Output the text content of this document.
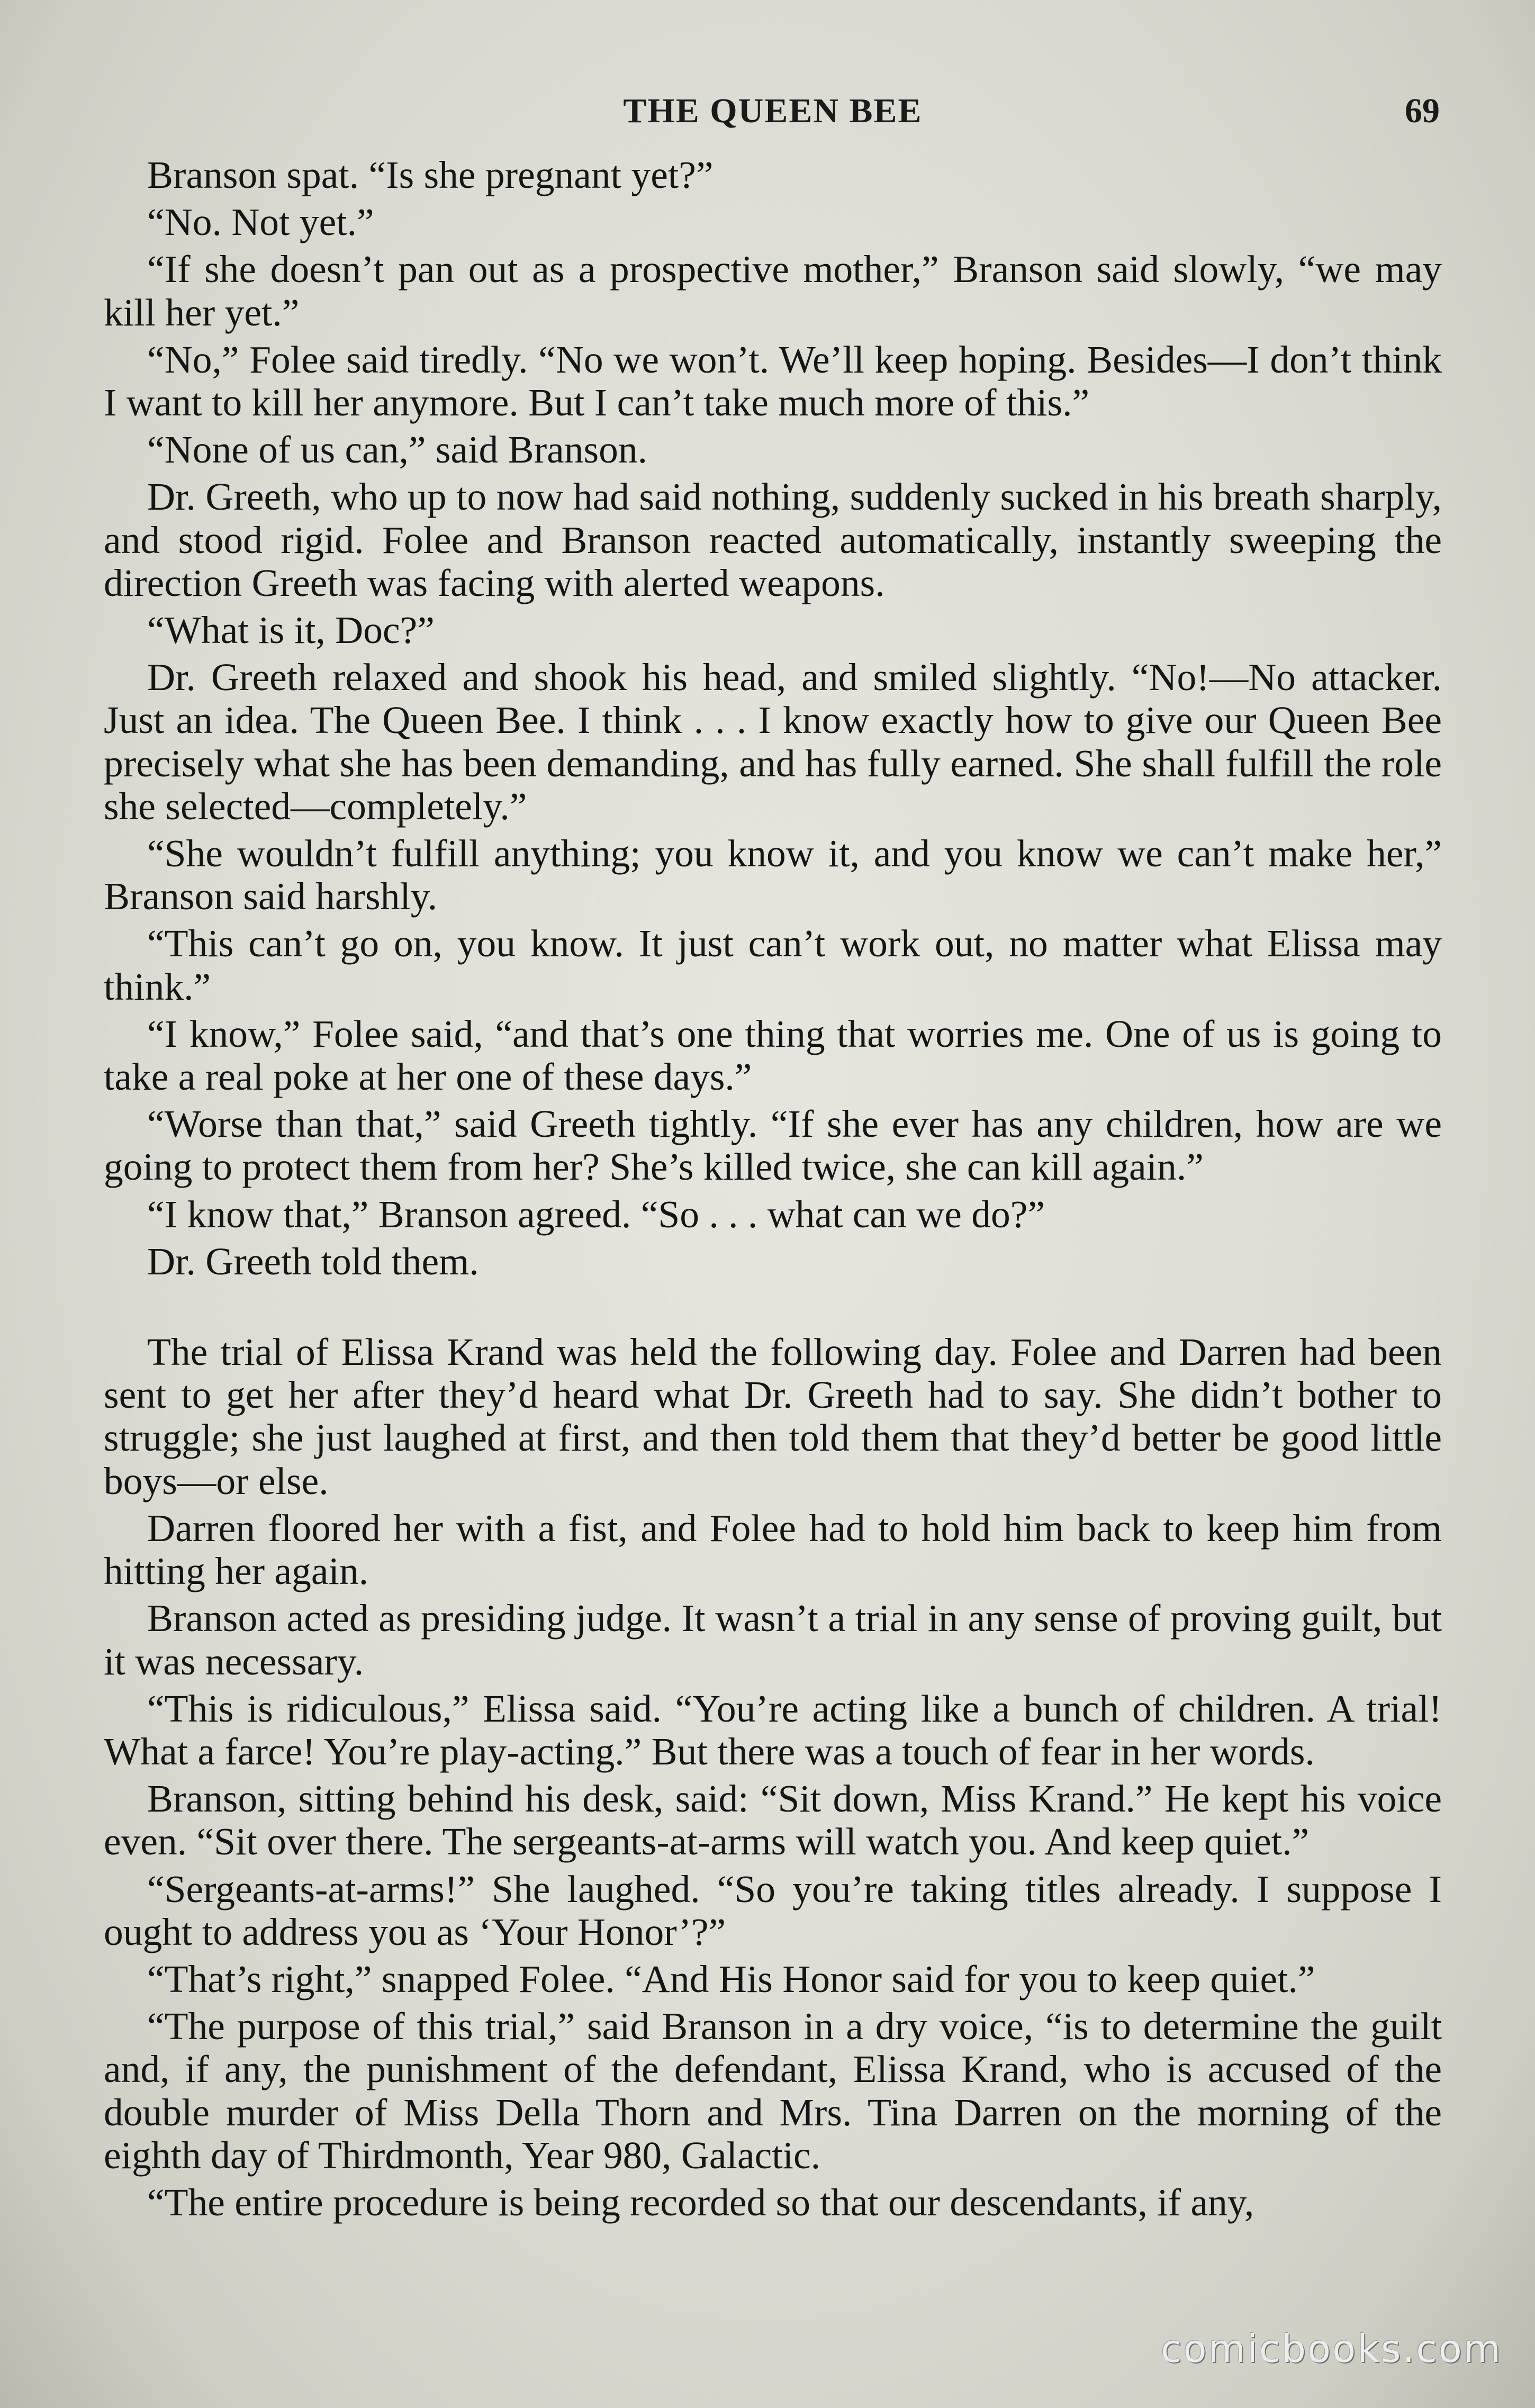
THE QUEEN BEE	69

Branson spat. “Is she pregnant yet?”

“No. Not yet.”

“If she doesn’t pan out as a prospective mother,” Branson said slowly, “we may kill her yet.”

“No,” Folee said tiredly. “No we won’t. We’ll keep hoping. Besides—I don’t think I want to kill her anymore. But I can’t take much more of this.”

“None of us can,” said Branson.

Dr. Greeth, who up to now had said nothing, suddenly sucked in his breath sharply, and stood rigid. Folee and Branson reacted automatically, instantly sweeping the direction Greeth was facing with alerted weapons.

“What is it, Doc?”

Dr. Greeth relaxed and shook his head, and smiled slightly. “No!—No attacker. Just an idea. The Queen Bee. I think . . . I know exactly how to give our Queen Bee precisely what she has been demanding, and has fully earned. She shall fulfill the role she selected—completely.”

“She wouldn’t fulfill anything; you know it, and you know we can’t make her,” Branson said harshly.

“This can’t go on, you know. It just can’t work out, no matter what Elissa may think.”

“I know,” Folee said, “and that’s one thing that worries me. One of us is going to take a real poke at her one of these days.”

“Worse than that,” said Greeth tightly. “If she ever has any children, how are we going to protect them from her? She’s killed twice, she can kill again.”

“I know that,” Branson agreed. “So . . . what can we do?”

Dr. Greeth told them.

The trial of Elissa Krand was held the following day. Folee and Darren had been sent to get her after they’d heard what Dr. Greeth had to say. She didn’t bother to struggle; she just laughed at first, and then told them that they’d better be good little boys—or else.

Darren floored her with a fist, and Folee had to hold him back to keep him from hitting her again.

Branson acted as presiding judge. It wasn’t a trial in any sense of proving guilt, but it was necessary.

“This is ridiculous,” Elissa said. “You’re acting like a bunch of children. A trial! What a farce! You’re play-acting.” But there was a touch of fear in her words.

Branson, sitting behind his desk, said: “Sit down, Miss Krand.” He kept his voice even. “Sit over there. The sergeants-at-arms will watch you. And keep quiet.”

“Sergeants-at-arms!” She laughed. “So you’re taking titles already. I suppose I ought to address you as ‘Your Honor’?”

“That’s right,” snapped Folee. “And His Honor said for you to keep quiet.”

“The purpose of this trial,” said Branson in a dry voice, “is to determine the guilt and, if any, the punishment of the defendant, Elissa Krand, who is accused of the double murder of Miss Della Thorn and Mrs. Tina Darren on the morning of the eighth day of Thirdmonth, Year 980, Galactic.

“The entire procedure is being recorded so that our descendants, if any,

comicbooks.com
